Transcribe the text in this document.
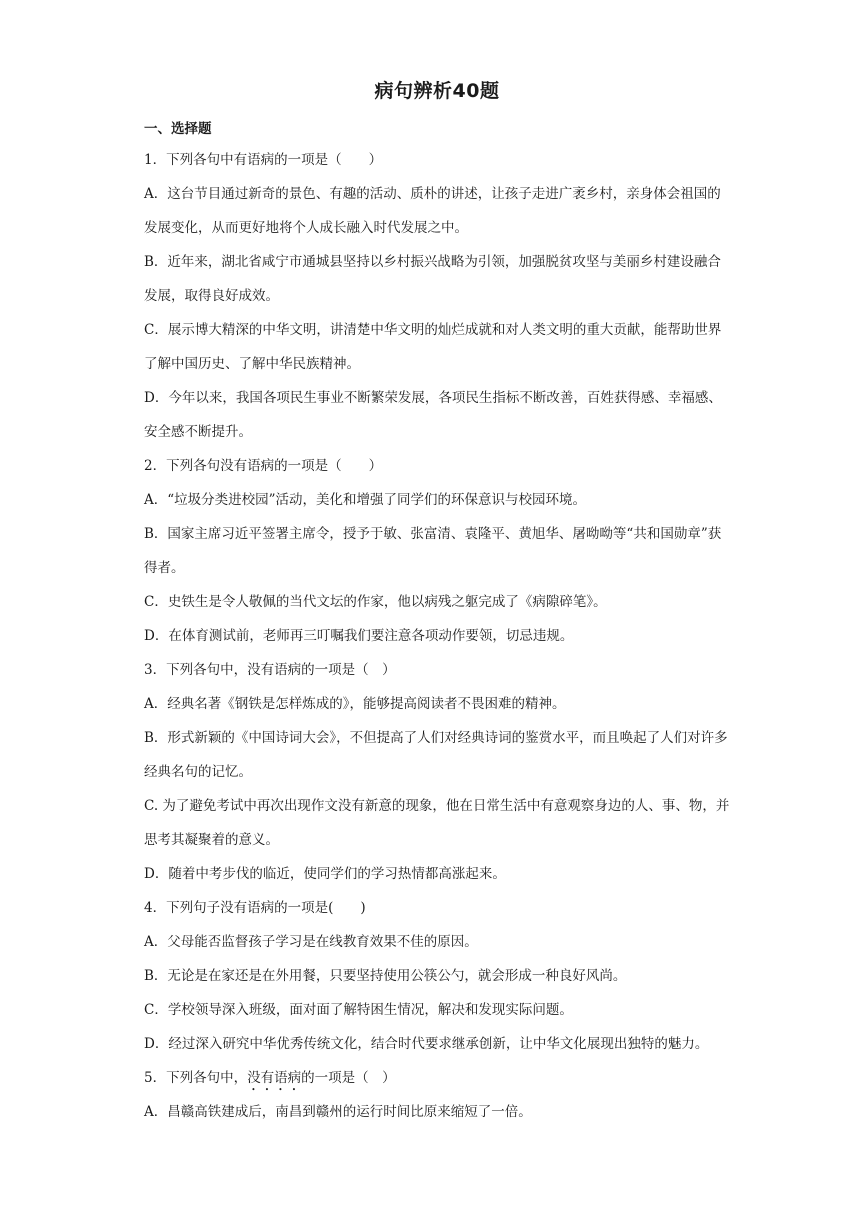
病句辨析40题

一、选择题

1．下列各句中有语病的一项是（　　）

A．这台节目通过新奇的景色、有趣的活动、质朴的讲述，让孩子走进广袤乡村，亲身体会祖国的发展变化，从而更好地将个人成长融入时代发展之中。

B．近年来，湖北省咸宁市通城县坚持以乡村振兴战略为引领，加强脱贫攻坚与美丽乡村建设融合发展，取得良好成效。

C．展示博大精深的中华文明，讲清楚中华文明的灿烂成就和对人类文明的重大贡献，能帮助世界了解中国历史、了解中华民族精神。

D．今年以来，我国各项民生事业不断繁荣发展，各项民生指标不断改善，百姓获得感、幸福感、安全感不断提升。

2．下列各句没有语病的一项是（　　）

A．“垃圾分类进校园”活动，美化和增强了同学们的环保意识与校园环境。

B．国家主席习近平签署主席令，授予于敏、张富清、袁隆平、黄旭华、屠呦呦等“共和国勋章”获得者。

C．史铁生是令人敬佩的当代文坛的作家，他以病残之躯完成了《病隙碎笔》。

D．在体育测试前，老师再三叮嘱我们要注意各项动作要领，切忌违规。

3．下列各句中，没有语病的一项是（　）

A．经典名著《钢铁是怎样炼成的》，能够提高阅读者不畏困难的精神。

B．形式新颖的《中国诗词大会》，不但提高了人们对经典诗词的鉴赏水平，而且唤起了人们对许多经典名句的记忆。

C. 为了避免考试中再次出现作文没有新意的现象，他在日常生活中有意观察身边的人、事、物，并思考其凝聚着的意义。

D．随着中考步伐的临近，使同学们的学习热情都高涨起来。

4．下列句子没有语病的一项是(　　)

A．父母能否监督孩子学习是在线教育效果不佳的原因。

B．无论是在家还是在外用餐，只要坚持使用公筷公勺，就会形成一种良好风尚。

C．学校领导深入班级，面对面了解特困生情况，解决和发现实际问题。

D．经过深入研究中华优秀传统文化，结合时代要求继承创新，让中华文化展现出独特的魅力。

5．下列各句中，没有语病的一项是（　）

A．昌赣高铁建成后，南昌到赣州的运行时间比原来缩短了一倍。
